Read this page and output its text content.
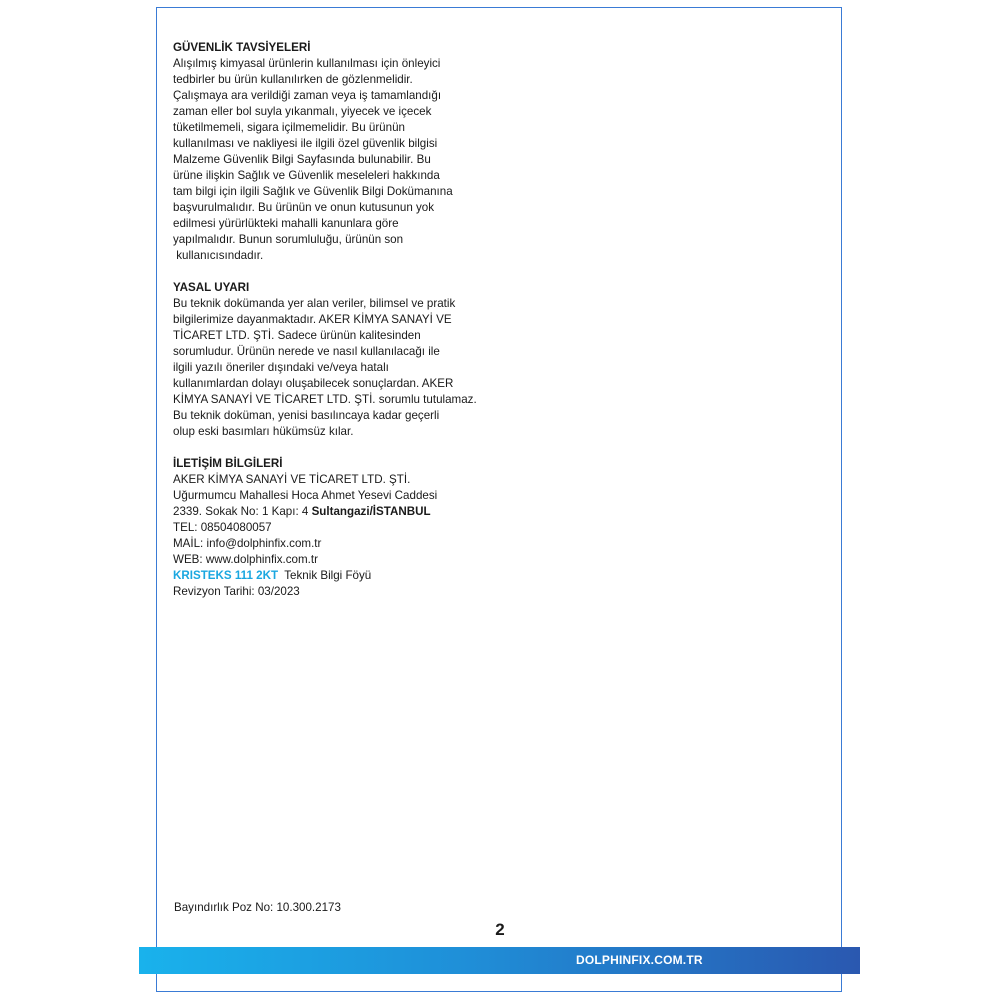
GÜVENLİK TAVSİYELERİ
Alışılmış kimyasal ürünlerin kullanılması için önleyici
tedbirler bu ürün kullanılırken de gözlenmelidir.
Çalışmaya ara verildiği zaman veya iş tamamlandığı
zaman eller bol suyla yıkanmalı, yiyecek ve içecek
tüketilmemeli, sigara içilmemelidir. Bu ürünün
kullanılması ve nakliyesi ile ilgili özel güvenlik bilgisi
Malzeme Güvenlik Bilgi Sayfasında bulunabilir. Bu
ürüne ilişkin Sağlık ve Güvenlik meseleleri hakkında
tam bilgi için ilgili Sağlık ve Güvenlik Bilgi Dokümanına
başvurulmalıdır. Bu ürünün ve onun kutusunun yok
edilmesi yürürlükteki mahalli kanunlara göre
yapılmalıdır. Bunun sorumluluğu, ürünün son
kullanıcısındadır.
YASAL UYARI
Bu teknik dokümanda yer alan veriler, bilimsel ve pratik
bilgilerimize dayanmaktadır. AKER KİMYA SANAYİ VE
TİCARET LTD. ŞTİ. Sadece ürünün kalitesinden
sorumludur. Ürünün nerede ve nasıl kullanılacağı ile
ilgili yazılı öneriler dışındaki ve/veya hatalı
kullanımlardan dolayı oluşabilecek sonuçlardan. AKER
KİMYA SANAYİ VE TİCARET LTD. ŞTİ. sorumlu tutulamaz.
Bu teknik doküman, yenisi basılıncaya kadar geçerli
olup eski basımları hükümsüz kılar.
İLETİŞİM BİLGİLERİ
AKER KİMYA SANAYİ VE TİCARET LTD. ŞTİ.
Uğurmumcu Mahallesi Hoca Ahmet Yesevi Caddesi
2339. Sokak No: 1 Kapı: 4 Sultangazi/İSTANBUL
TEL: 08504080057
MAİL: info@dolphinfix.com.tr
WEB: www.dolphinfix.com.tr
KRISTEKS 111 2KT  Teknik Bilgi Föyü
Revizyon Tarihi: 03/2023
Bayındırlık Poz No: 10.300.2173
2
DOLPHINFIX.COM.TR
